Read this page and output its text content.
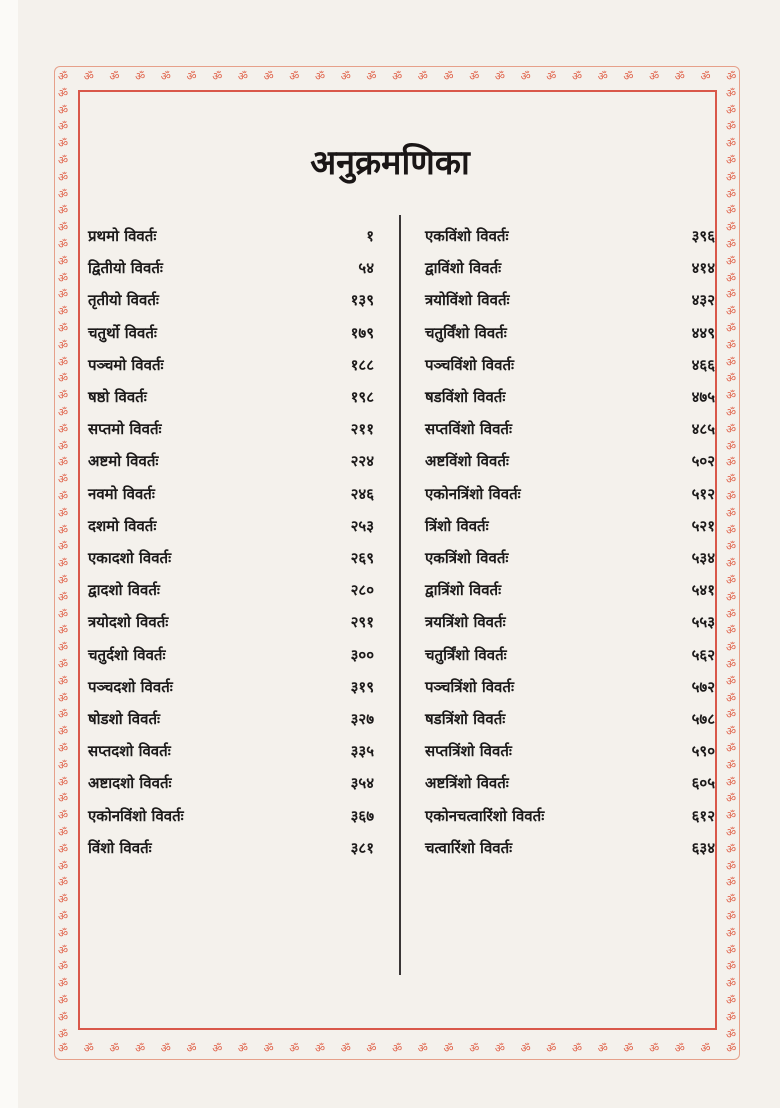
ॐ
ॐ
ॐ
ॐ
ॐ
ॐ
ॐ
ॐ
ॐ
ॐ
ॐ
ॐ
ॐ
ॐ
ॐ
ॐ
ॐ
ॐ
ॐ
ॐ
ॐ
ॐ
ॐ
ॐ
ॐ
ॐ
ॐ
ॐ
ॐ
ॐ
ॐ
ॐ
ॐ
ॐ
ॐ
ॐ
ॐ
ॐ
ॐ
ॐ
ॐ
ॐ
ॐ
ॐ
ॐ
ॐ
ॐ
ॐ
ॐ
ॐ
ॐ
ॐ
ॐ
ॐ
ॐ	ॐ
ॐ	ॐ
ॐ	ॐ
ॐ	ॐ
ॐ	ॐ
ॐ	ॐ
ॐ	ॐ
ॐ	ॐ
ॐ	ॐ
ॐ	ॐ
ॐ	ॐ
ॐ	ॐ
ॐ	ॐ
ॐ	ॐ
ॐ	ॐ
ॐ	ॐ
ॐ	ॐ
ॐ	ॐ
ॐ	ॐ
ॐ	ॐ
ॐ	ॐ
ॐ	ॐ
ॐ	ॐ
ॐ	ॐ
ॐ	ॐ
ॐ	ॐ
ॐ	ॐ
ॐ	ॐ
ॐ	ॐ
ॐ	ॐ
ॐ	ॐ
ॐ	ॐ
ॐ	ॐ
ॐ	ॐ
ॐ	ॐ
ॐ	ॐ
ॐ	ॐ
ॐ	ॐ
ॐ	ॐ
ॐ	ॐ
ॐ	ॐ
ॐ	ॐ
ॐ	ॐ
ॐ	ॐ
ॐ	ॐ
ॐ	ॐ
ॐ	ॐ
ॐ	ॐ
ॐ	ॐ
ॐ	ॐ
ॐ	ॐ
ॐ	ॐ
ॐ	ॐ
ॐ	ॐ
ॐ	ॐ
ॐ	ॐ
ॐ	ॐ
अनुक्रमणिका
प्रथमो विवर्तः	१
द्वितीयो विवर्तः	५४
तृतीयो विवर्तः	१३९
चतुर्थो विवर्तः	१७९
पञ्चमो विवर्तः	१८८
षष्ठो विवर्तः	१९८
सप्तमो विवर्तः	२११
अष्टमो विवर्तः	२२४
नवमो विवर्तः	२४६
दशमो विवर्तः	२५३
एकादशो विवर्तः	२६९
द्वादशो विवर्तः	२८०
त्रयोदशो विवर्तः	२९१
चतुर्दशो विवर्तः	३००
पञ्चदशो विवर्तः	३१९
षोडशो विवर्तः	३२७
सप्तदशो विवर्तः	३३५
अष्टादशो विवर्तः	३५४
एकोनविंशो विवर्तः	३६७
विंशो विवर्तः	३८१
एकविंशो विवर्तः	३९६
द्वाविंशो विवर्तः	४१४
त्रयोविंशो विवर्तः	४३२
चतुर्विंशो विवर्तः	४४९
पञ्चविंशो विवर्तः	४६६
षडविंशो विवर्तः	४७५
सप्तविंशो विवर्तः	४८५
अष्टविंशो विवर्तः	५०२
एकोनत्रिंशो विवर्तः	५१२
त्रिंशो विवर्तः	५२१
एकत्रिंशो विवर्तः	५३४
द्वात्रिंशो विवर्तः	५४१
त्रयत्रिंशो विवर्तः	५५३
चतुर्त्रिंशो विवर्तः	५६२
पञ्चत्रिंशो विवर्तः	५७२
षडत्रिंशो विवर्तः	५७८
सप्तत्रिंशो विवर्तः	५९०
अष्टत्रिंशो विवर्तः	६०५
एकोनचत्वारिंशो विवर्तः	६१२
चत्वारिंशो विवर्तः	६३४
